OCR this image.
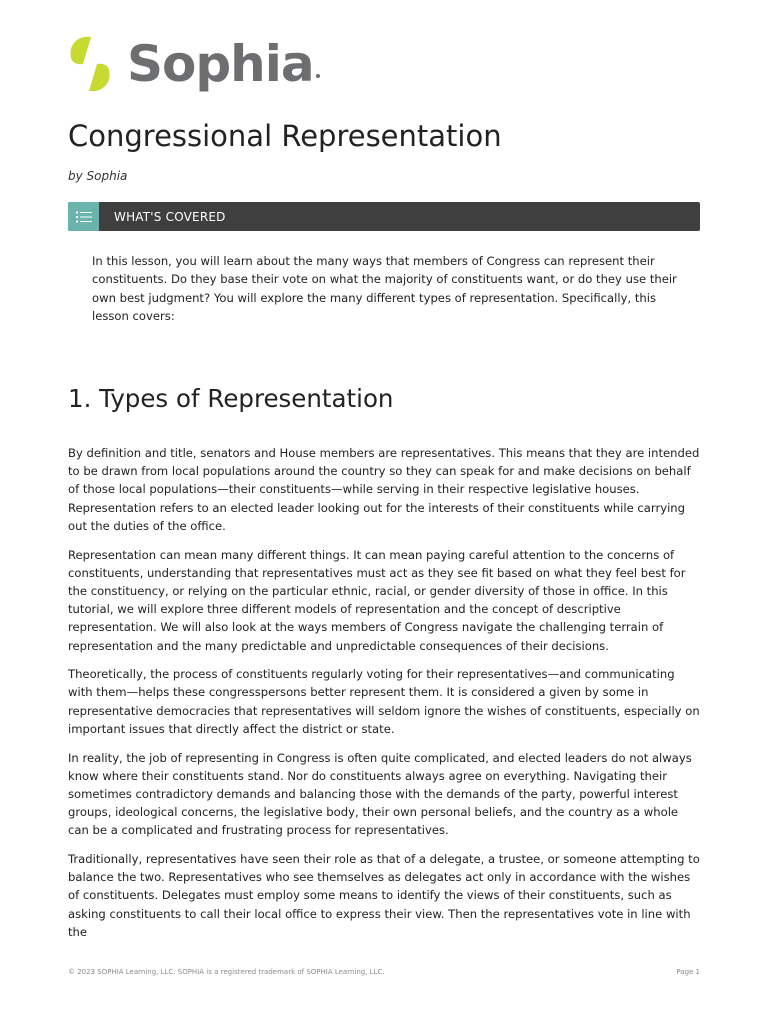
Sophia
Congressional Representation
by Sophia
WHAT'S COVERED

In this lesson, you will learn about the many ways that members of Congress can represent their constituents. Do they base their vote on what the majority of constituents want, or do they use their own best judgment? You will explore the many different types of representation. Specifically, this lesson covers:

1. Types of Representation

By definition and title, senators and House members are representatives. This means that they are intended to be drawn from local populations around the country so they can speak for and make decisions on behalf of those local populations—their constituents—while serving in their respective legislative houses. Representation refers to an elected leader looking out for the interests of their constituents while carrying out the duties of the office.

Representation can mean many different things. It can mean paying careful attention to the concerns of constituents, understanding that representatives must act as they see fit based on what they feel best for the constituency, or relying on the particular ethnic, racial, or gender diversity of those in office. In this tutorial, we will explore three different models of representation and the concept of descriptive representation. We will also look at the ways members of Congress navigate the challenging terrain of representation and the many predictable and unpredictable consequences of their decisions.

Theoretically, the process of constituents regularly voting for their representatives—and communicating with them—helps these congresspersons better represent them. It is considered a given by some in representative democracies that representatives will seldom ignore the wishes of constituents, especially on important issues that directly affect the district or state.

In reality, the job of representing in Congress is often quite complicated, and elected leaders do not always know where their constituents stand. Nor do constituents always agree on everything. Navigating their sometimes contradictory demands and balancing those with the demands of the party, powerful interest groups, ideological concerns, the legislative body, their own personal beliefs, and the country as a whole can be a complicated and frustrating process for representatives.

Traditionally, representatives have seen their role as that of a delegate, a trustee, or someone attempting to balance the two. Representatives who see themselves as delegates act only in accordance with the wishes of constituents. Delegates must employ some means to identify the views of their constituents, such as asking constituents to call their local office to express their view. Then the representatives vote in line with the

© 2023 SOPHIA Learning, LLC. SOPHIA is a registered trademark of SOPHIA Learning, LLC.	Page 1
